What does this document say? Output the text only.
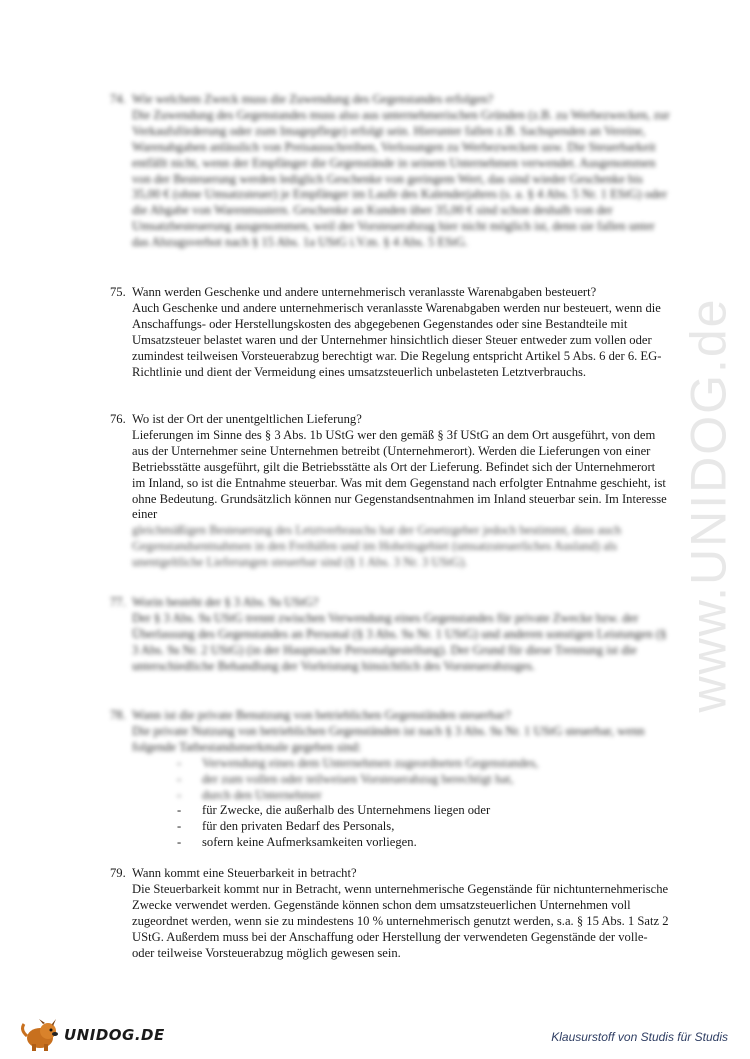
74. Wie welchem Zweck muss die Zuwendung des Gegenstandes erfolgen?
Die Zuwendung des Gegenstandes muss also aus unternehmerischen Gründen (z.B. zu Werbezwecken, zur Verkaufsförderung oder zum Imagepflege) erfolgt sein. Hierunter fallen z.B. Sachspenden an Vereine, Warenabgaben anlässlich von Preisausschreiben, Verlosungen zu Werbezwecken usw. Die Steuerbarkeit entfällt nicht, wenn der Empfänger die Gegenstände in seinem Unternehmen verwendet. Ausgenommen von der Besteuerung werden lediglich Geschenke von geringem Wert, das sind wieder Geschenke bis 35,00 € (ohne Umsatzsteuer) je Empfänger im Laufe des Kalenderjahres (s. a. § 4 Abs. 5 Nr. 1 EStG) oder die Abgabe von Warenmustern. Geschenke an Kunden über 35,00 € sind schon deshalb von der Umsatzbesteuerung ausgenommen, weil der Vorsteuerabzug hier nicht möglich ist, denn sie fallen unter das Abzugsverbot nach § 15 Abs. 1a UStG i.V.m. § 4 Abs. 5 EStG.
75. Wann werden Geschenke und andere unternehmerisch veranlasste Warenabgaben besteuert?
Auch Geschenke und andere unternehmerisch veranlasste Warenabgaben werden nur besteuert, wenn die Anschaffungs- oder Herstellungskosten des abgegebenen Gegenstandes oder sine Bestandteile mit Umsatzsteuer belastet waren und der Unternehmer hinsichtlich dieser Steuer entweder zum vollen oder zumindest teilweisen Vorsteuerabzug berechtigt war. Die Regelung entspricht Artikel 5 Abs. 6 der 6. EG-Richtlinie und dient der Vermeidung eines umsatzsteuerlich unbelasteten Letztverbrauchs.
76. Wo ist der Ort der unentgeltlichen Lieferung?
Lieferungen im Sinne des § 3 Abs. 1b UStG wer den gemäß § 3f UStG an dem Ort ausgeführt, von dem aus der Unternehmer seine Unternehmen betreibt (Unternehmerort). Werden die Lieferungen von einer Betriebsstätte ausgeführt, gilt die Betriebsstätte als Ort der Lieferung. Befindet sich der Unternehmerort im Inland, so ist die Entnahme steuerbar. Was mit dem Gegenstand nach erfolgter Entnahme geschieht, ist ohne Bedeutung. Grundsätzlich können nur Gegenstandsentnahmen im Inland steuerbar sein. Im Interesse einer
gleichmäßigen Besteuerung des Letztverbrauchs hat der Gesetzgeber jedoch bestimmt, dass auch Gegenstandsentnahmen in den Freihäfen und im Hoheitsgebiet (umsatzsteuerliches Ausland) als unentgeltliche Lieferungen steuerbar sind (§ 1 Abs. 3 Nr. 3 UStG).
77. Worin besteht der § 3 Abs. 9a UStG?
Der § 3 Abs. 9a UStG trennt zwischen Verwendung eines Gegenstandes für private Zwecke bzw. der Überlassung des Gegenstandes an Personal (§ 3 Abs. 9a Nr. 1 UStG) und anderen sonstigen Leistungen (§ 3 Abs. 9a Nr. 2 UStG) (in der Hauptsache Personalgestellung). Der Grund für diese Trennung ist die unterschiedliche Behandlung der Vorleistung hinsichtlich des Vorsteuerabzuges.
78. Wann ist die private Benutzung von betrieblichen Gegenständen steuerbar?
Die private Nutzung von betrieblichen Gegenständen ist nach § 3 Abs. 9a Nr. 1 UStG steuerbar, wenn folgende Tatbestandsmerkmale gegeben sind:
- Verwendung eines dem Unternehmen zugeordneten Gegenstandes,
- der zum vollen oder teilweisen Vorsteuerabzug berechtigt hat,
- durch den Unternehmer
- für Zwecke, die außerhalb des Unternehmens liegen oder
- für den privaten Bedarf des Personals,
- sofern keine Aufmerksamkeiten vorliegen.
79. Wann kommt eine Steuerbarkeit in betracht?
Die Steuerbarkeit kommt nur in Betracht, wenn unternehmerische Gegenstände für nichtunternehmerische Zwecke verwendet werden. Gegenstände können schon dem umsatzsteuerlichen Unternehmen voll zugeordnet werden, wenn sie zu mindestens 10 % unternehmerisch genutzt werden, s.a. § 15 Abs. 1 Satz 2 UStG. Außerdem muss bei der Anschaffung oder Herstellung der verwendeten Gegenstände der volle- oder teilweise Vorsteuerabzug möglich gewesen sein.
www.UNIDOG.de
UNIDOG.DE	Klausurstoff von Studis für Studis
